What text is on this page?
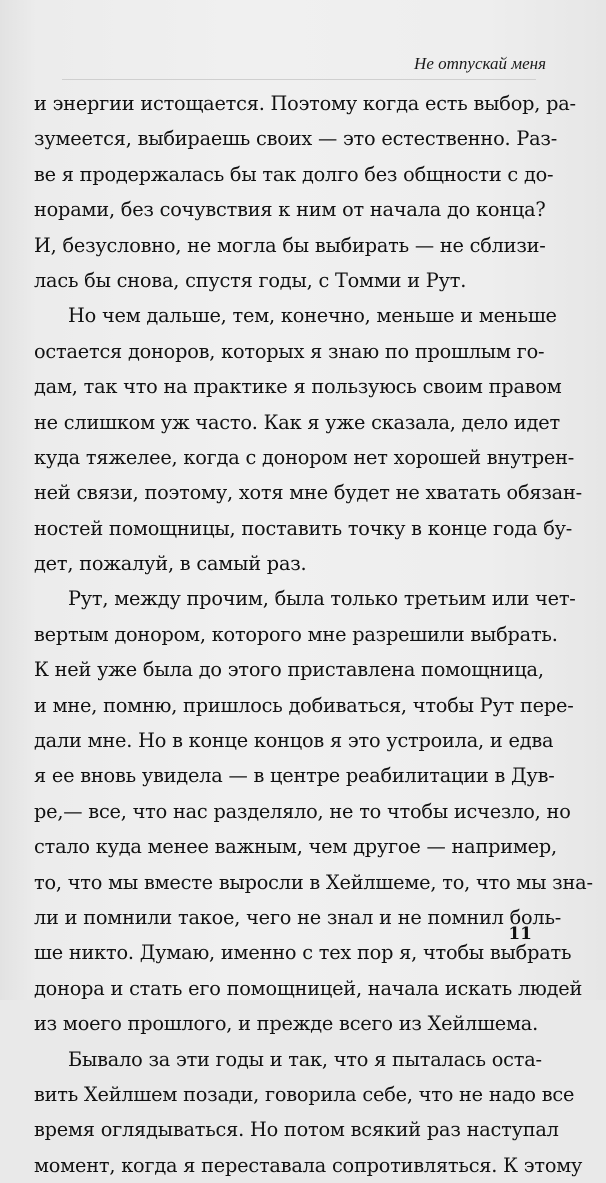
Не отпускай меня
и энергии истощается. Поэтому когда есть выбор, ра-
зумеется, выбираешь своих — это естественно. Раз-
ве я продержалась бы так долго без общности с до-
норами, без сочувствия к ним от начала до конца?
И, безусловно, не могла бы выбирать — не сблизи-
лась бы снова, спустя годы, с Томми и Рут.
Но чем дальше, тем, конечно, меньше и меньше
остается доноров, которых я знаю по прошлым го-
дам, так что на практике я пользуюсь своим правом
не слишком уж часто. Как я уже сказала, дело идет
куда тяжелее, когда с донором нет хорошей внутрен-
ней связи, поэтому, хотя мне будет не хватать обязан-
ностей помощницы, поставить точку в конце года бу-
дет, пожалуй, в самый раз.
Рут, между прочим, была только третьим или чет-
вертым донором, которого мне разрешили выбрать.
К ней уже была до этого приставлена помощница,
и мне, помню, пришлось добиваться, чтобы Рут пере-
дали мне. Но в конце концов я это устроила, и едва
я ее вновь увидела — в центре реабилитации в Дув-
ре,— все, что нас разделяло, не то чтобы исчезло, но
стало куда менее важным, чем другое — например,
то, что мы вместе выросли в Хейлшеме, то, что мы зна-
ли и помнили такое, чего не знал и не помнил боль-
ше никто. Думаю, именно с тех пор я, чтобы выбрать
донора и стать его помощницей, начала искать людей
из моего прошлого, и прежде всего из Хейлшема.
Бывало за эти годы и так, что я пыталась оста-
вить Хейлшем позади, говорила себе, что не надо все
время оглядываться. Но потом всякий раз наступал
момент, когда я переставала сопротивляться. К этому
11
